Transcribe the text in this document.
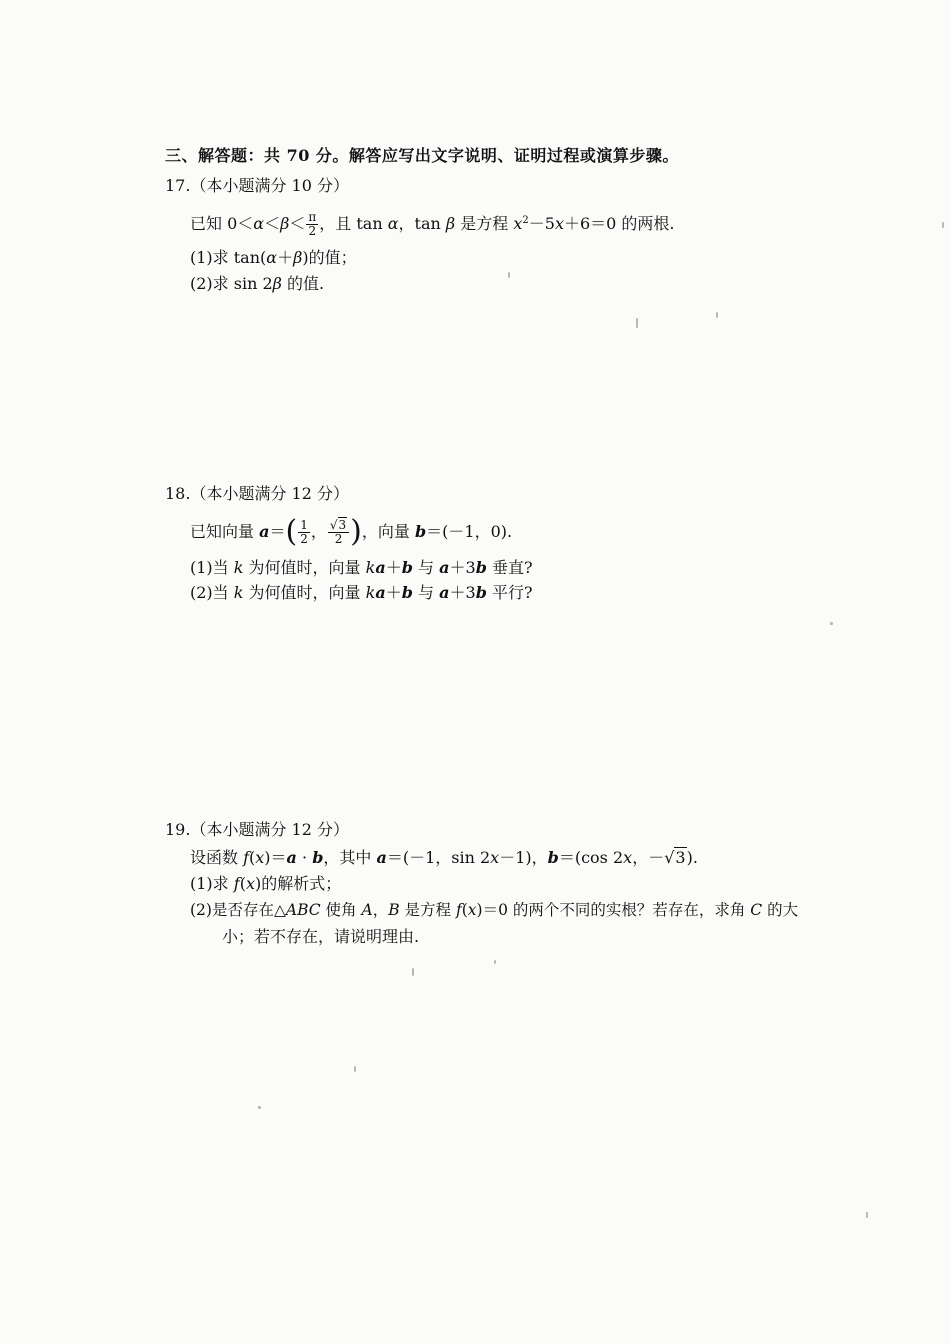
三、解答题：共 70 分。解答应写出文字说明、证明过程或演算步骤。
17.（本小题满分 10 分）
已知 $0<\alpha<\beta< \frac{\pi}{2}$ ，且 tan α，tan β 是方程 $x^2-5x+6=0$ 的两根.
(1)求 tan(α＋β)的值；
(2)求 sin 2β 的值.
18.（本小题满分 12 分）
已知向量 $a=( \frac{1}{2}$ ， $\frac{√3}{2}$ )，向量 b＝(－1，0).
(1)当 k 为何值时，向量 ka＋b 与 a＋3b 垂直?
(2)当 k 为何值时，向量 ka＋b 与 a＋3b 平行?
19.（本小题满分 12 分）
设函数 f(x)＝a · b，其中 a＝(－1，sin 2x－1)，b＝(cos 2x，－√3).
(1)求 f(x)的解析式；
(2)是否存在△ABC 使角 A，B 是方程 f(x)＝0 的两个不同的实根？若存在，求角 C 的大
小；若不存在，请说明理由.
